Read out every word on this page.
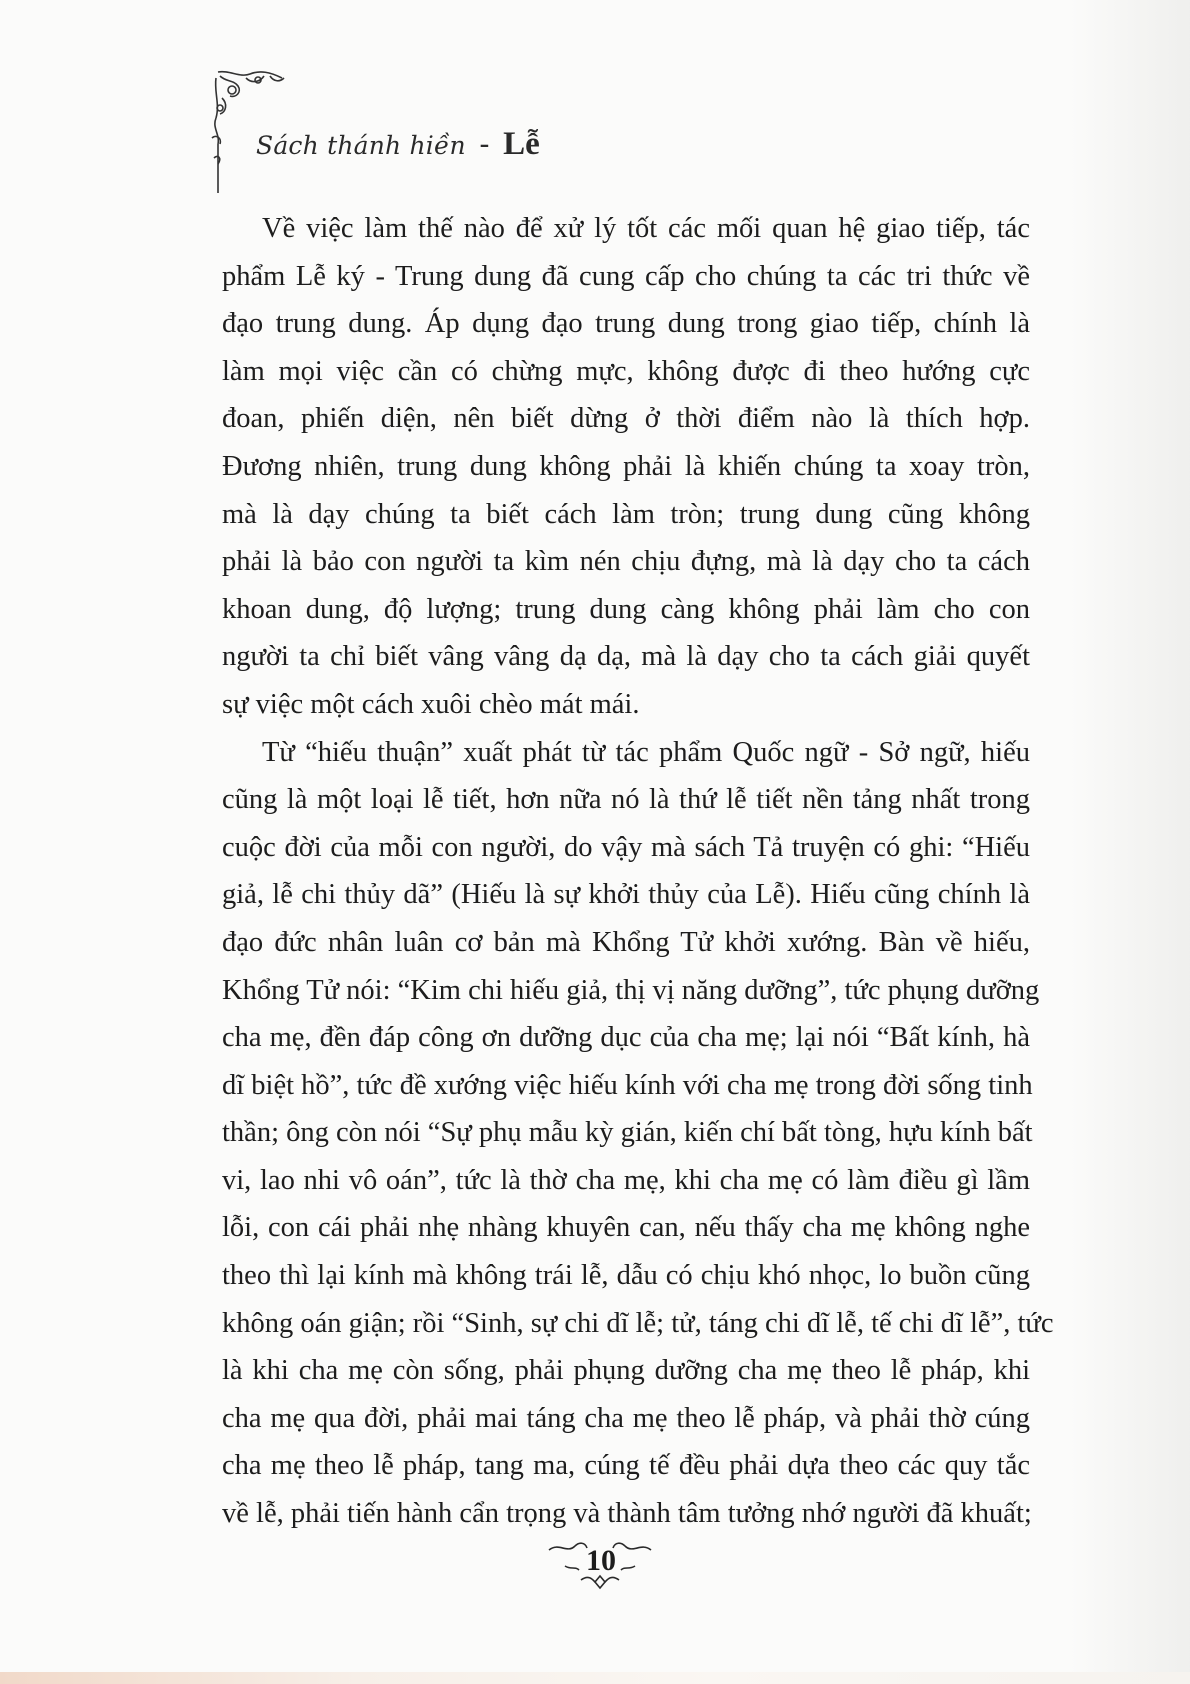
Sách thánh hiền - Lễ

Về việc làm thế nào để xử lý tốt các mối quan hệ giao tiếp, tác
phẩm Lễ ký - Trung dung đã cung cấp cho chúng ta các tri thức về
đạo trung dung. Áp dụng đạo trung dung trong giao tiếp, chính là
làm mọi việc cần có chừng mực, không được đi theo hướng cực
đoan, phiến diện, nên biết dừng ở thời điểm nào là thích hợp.
Đương nhiên, trung dung không phải là khiến chúng ta xoay tròn,
mà là dạy chúng ta biết cách làm tròn; trung dung cũng không
phải là bảo con người ta kìm nén chịu đựng, mà là dạy cho ta cách
khoan dung, độ lượng; trung dung càng không phải làm cho con
người ta chỉ biết vâng vâng dạ dạ, mà là dạy cho ta cách giải quyết
sự việc một cách xuôi chèo mát mái.

Từ “hiếu thuận” xuất phát từ tác phẩm Quốc ngữ - Sở ngữ, hiếu
cũng là một loại lễ tiết, hơn nữa nó là thứ lễ tiết nền tảng nhất trong
cuộc đời của mỗi con người, do vậy mà sách Tả truyện có ghi: “Hiếu
giả, lễ chi thủy dã” (Hiếu là sự khởi thủy của Lễ). Hiếu cũng chính là
đạo đức nhân luân cơ bản mà Khổng Tử khởi xướng. Bàn về hiếu,
Khổng Tử nói: “Kim chi hiếu giả, thị vị năng dưỡng”, tức phụng dưỡng
cha mẹ, đền đáp công ơn dưỡng dục của cha mẹ; lại nói “Bất kính, hà
dĩ biệt hồ”, tức đề xướng việc hiếu kính với cha mẹ trong đời sống tinh
thần; ông còn nói “Sự phụ mẫu kỳ gián, kiến chí bất tòng, hựu kính bất
vi, lao nhi vô oán”, tức là thờ cha mẹ, khi cha mẹ có làm điều gì lầm
lỗi, con cái phải nhẹ nhàng khuyên can, nếu thấy cha mẹ không nghe
theo thì lại kính mà không trái lễ, dẫu có chịu khó nhọc, lo buồn cũng
không oán giận; rồi “Sinh, sự chi dĩ lễ; tử, táng chi dĩ lễ, tế chi dĩ lễ”, tức
là khi cha mẹ còn sống, phải phụng dưỡng cha mẹ theo lễ pháp, khi
cha mẹ qua đời, phải mai táng cha mẹ theo lễ pháp, và phải thờ cúng
cha mẹ theo lễ pháp, tang ma, cúng tế đều phải dựa theo các quy tắc
về lễ, phải tiến hành cẩn trọng và thành tâm tưởng nhớ người đã khuất;

10
